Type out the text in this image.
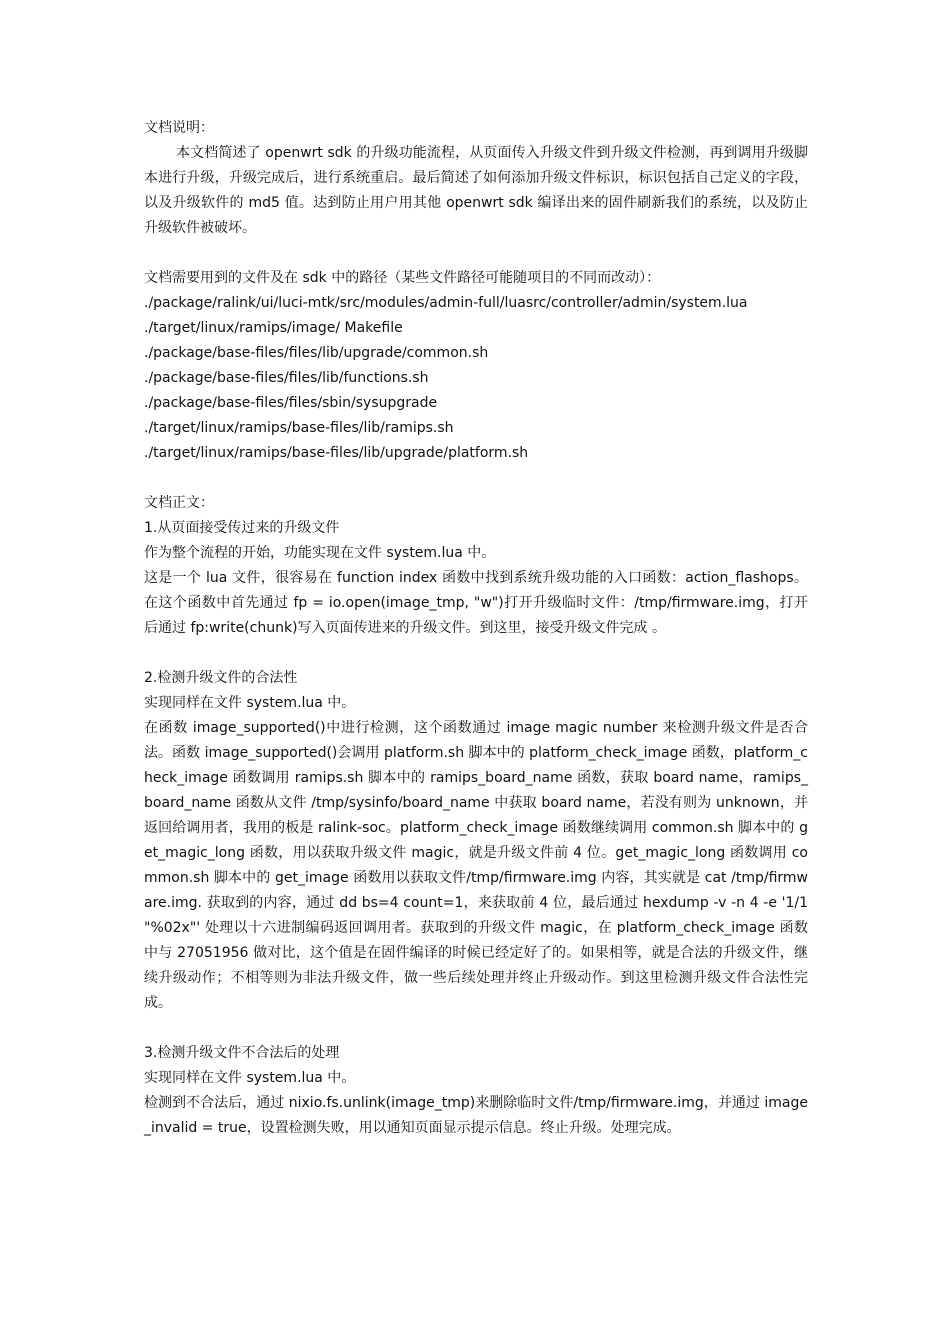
文档说明：
本文档简述了 openwrt sdk 的升级功能流程，从页面传入升级文件到升级文件检测，再到调用升级脚本进行升级，升级完成后，进行系统重启。最后简述了如何添加升级文件标识，标识包括自己定义的字段，以及升级软件的 md5 值。达到防止用户用其他 openwrt sdk 编译出来的固件刷新我们的系统，以及防止升级软件被破坏。
文档需要用到的文件及在 sdk 中的路径（某些文件路径可能随项目的不同而改动）：
./package/ralink/ui/luci-mtk/src/modules/admin-full/luasrc/controller/admin/system.lua
./target/linux/ramips/image/ Makefile
./package/base-files/files/lib/upgrade/common.sh
./package/base-files/files/lib/functions.sh
./package/base-files/files/sbin/sysupgrade
./target/linux/ramips/base-files/lib/ramips.sh
./target/linux/ramips/base-files/lib/upgrade/platform.sh
文档正文：
1.从页面接受传过来的升级文件
作为整个流程的开始，功能实现在文件 system.lua 中。
这是一个 lua 文件，很容易在 function index 函数中找到系统升级功能的入口函数：action_flashops。在这个函数中首先通过 fp = io.open(image_tmp, "w")打开升级临时文件：/tmp/firmware.img，打开后通过 fp:write(chunk)写入页面传进来的升级文件。到这里，接受升级文件完成 。
2.检测升级文件的合法性
实现同样在文件 system.lua 中。
在函数 image_supported()中进行检测，这个函数通过 image magic number 来检测升级文件是否合法。函数 image_supported()会调用 platform.sh 脚本中的 platform_check_image 函数，platform_check_image 函数调用 ramips.sh 脚本中的 ramips_board_name 函数，获取 board name，ramips_board_name 函数从文件 /tmp/sysinfo/board_name 中获取 board name，若没有则为 unknown，并返回给调用者，我用的板是 ralink-soc。platform_check_image 函数继续调用 common.sh 脚本中的 get_magic_long 函数，用以获取升级文件 magic，就是升级文件前 4 位。get_magic_long 函数调用 common.sh 脚本中的 get_image 函数用以获取文件/tmp/firmware.img 内容，其实就是 cat /tmp/firmware.img. 获取到的内容，通过 dd bs=4 count=1，来获取前 4 位，最后通过 hexdump -v -n 4 -e '1/1 "%02x"' 处理以十六进制编码返回调用者。获取到的升级文件 magic，在 platform_check_image 函数中与 27051956 做对比，这个值是在固件编译的时候已经定好了的。如果相等，就是合法的升级文件，继续升级动作；不相等则为非法升级文件，做一些后续处理并终止升级动作。到这里检测升级文件合法性完成。
3.检测升级文件不合法后的处理
实现同样在文件 system.lua 中。
检测到不合法后，通过 nixio.fs.unlink(image_tmp)来删除临时文件/tmp/firmware.img，并通过 image_invalid = true，设置检测失败，用以通知页面显示提示信息。终止升级。处理完成。
